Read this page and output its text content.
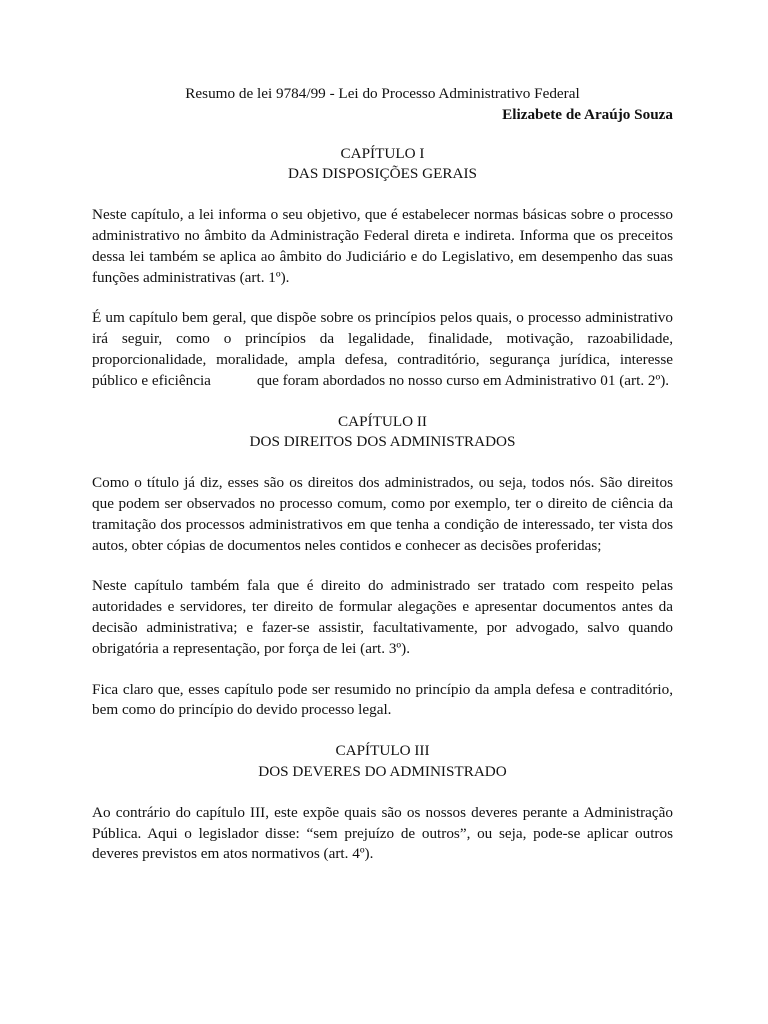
Resumo de lei 9784/99 - Lei do Processo Administrativo Federal

Elizabete de Araújo Souza

CAPÍTULO I

DAS DISPOSIÇÕES GERAIS

Neste capítulo, a lei informa o seu objetivo, que é estabelecer normas básicas sobre o processo administrativo no âmbito da Administração Federal direta e indireta. Informa que os preceitos dessa lei também se aplica ao âmbito do Judiciário e do Legislativo, em desempenho das suas funções administrativas (art. 1º).

É um capítulo bem geral, que dispõe sobre os princípios pelos quais, o processo administrativo irá seguir, como o princípios da legalidade, finalidade, motivação, razoabilidade, proporcionalidade, moralidade, ampla defesa, contraditório, segurança jurídica, interesse público e eficiência	que foram abordados no nosso curso em Administrativo 01 (art. 2º).

CAPÍTULO II

DOS DIREITOS DOS ADMINISTRADOS

Como o título já diz, esses são os direitos dos administrados, ou seja, todos nós. São direitos que podem ser observados no processo comum, como por exemplo, ter o direito de ciência da tramitação dos processos administrativos em que tenha a condição de interessado, ter vista dos autos, obter cópias de documentos neles contidos e conhecer as decisões proferidas;

Neste capítulo também fala que é direito do administrado ser tratado com respeito pelas autoridades e servidores, ter direito de formular alegações e apresentar documentos antes da decisão administrativa; e fazer-se assistir, facultativamente, por advogado, salvo quando obrigatória a representação, por força de lei (art. 3º).

Fica claro que, esses capítulo pode ser resumido no princípio da ampla defesa e contraditório, bem como do princípio do devido processo legal.

CAPÍTULO III

DOS DEVERES DO ADMINISTRADO

Ao contrário do capítulo III, este expõe quais são os nossos deveres perante a Administração Pública. Aqui o legislador disse: “sem prejuízo de outros”, ou seja, pode-se aplicar outros deveres previstos em atos normativos (art. 4º).
